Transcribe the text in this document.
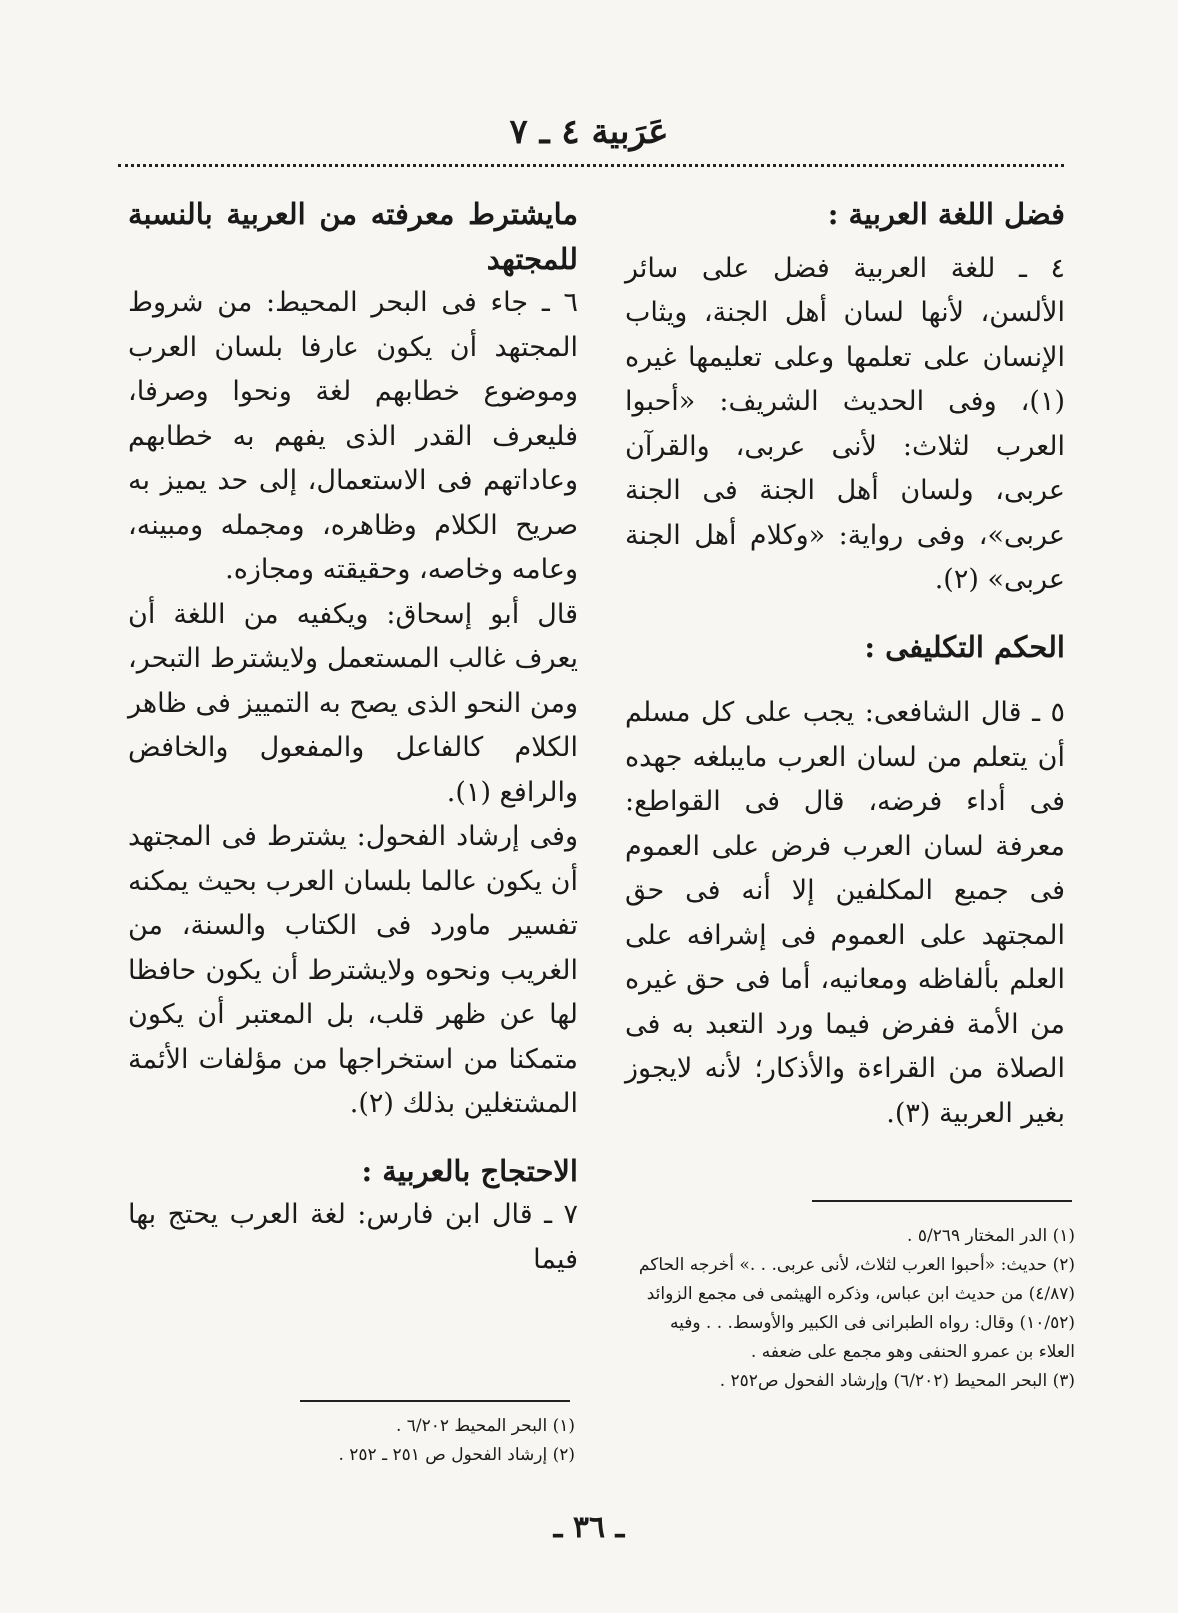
عَرَبية ٤ ـ ٧
فضل اللغة العربية :

٤ ـ للغة العربية فضل على سائر الألسن، لأنها لسان أهل الجنة، ويثاب الإنسان على تعلمها وعلى تعليمها غيره (١)، وفى الحديث الشريف: «أحبوا العرب لثلاث: لأنى عربى، والقرآن عربى، ولسان أهل الجنة فى الجنة عربى»، وفى رواية: «وكلام أهل الجنة عربى» (٢).

الحكم التكليفى :

٥ ـ قال الشافعى: يجب على كل مسلم أن يتعلم من لسان العرب مايبلغه جهده فى أداء فرضه، قال فى القواطع: معرفة لسان العرب فرض على العموم فى جميع المكلفين إلا أنه فى حق المجتهد على العموم فى إشرافه على العلم بألفاظه ومعانيه، أما فى حق غيره من الأمة ففرض فيما ورد التعبد به فى الصلاة من القراءة والأذكار؛ لأنه لايجوز بغير العربية (٣).

مايشترط معرفته من العربية بالنسبة للمجتهد

٦ ـ جاء فى البحر المحيط: من شروط المجتهد أن يكون عارفا بلسان العرب وموضوع خطابهم لغة ونحوا وصرفا، فليعرف القدر الذى يفهم به خطابهم وعاداتهم فى الاستعمال، إلى حد يميز به صريح الكلام وظاهره، ومجمله ومبينه، وعامه وخاصه، وحقيقته ومجازه.

قال أبو إسحاق: ويكفيه من اللغة أن يعرف غالب المستعمل ولايشترط التبحر، ومن النحو الذى يصح به التمييز فى ظاهر الكلام كالفاعل والمفعول والخافض والرافع (١).

وفى إرشاد الفحول: يشترط فى المجتهد أن يكون عالما بلسان العرب بحيث يمكنه تفسير ماورد فى الكتاب والسنة، من الغريب ونحوه ولايشترط أن يكون حافظا لها عن ظهر قلب، بل المعتبر أن يكون متمكنا من استخراجها من مؤلفات الأئمة المشتغلين بذلك (٢).

الاحتجاج بالعربية :

٧ ـ قال ابن فارس: لغة العرب يحتج بها فيما

(١) الدر المختار ٥/٢٦٩ .

(٢) حديث: «أحبوا العرب لثلاث، لأنى عربى. . .» أخرجه الحاكم (٤/٨٧) من حديث ابن عباس، وذكره الهيثمى فى مجمع الزوائد (١٠/٥٢) وقال: رواه الطبرانى فى الكبير والأوسط. . . وفيه العلاء بن عمرو الحنفى وهو مجمع على ضعفه .

(٣) البحر المحيط (٦/٢٠٢) وإرشاد الفحول ص٢٥٢ .

(١) البحر المحيط ٦/٢٠٢ .

(٢) إرشاد الفحول ص ٢٥١ ـ ٢٥٢ .

ـ ٣٦ ـ
